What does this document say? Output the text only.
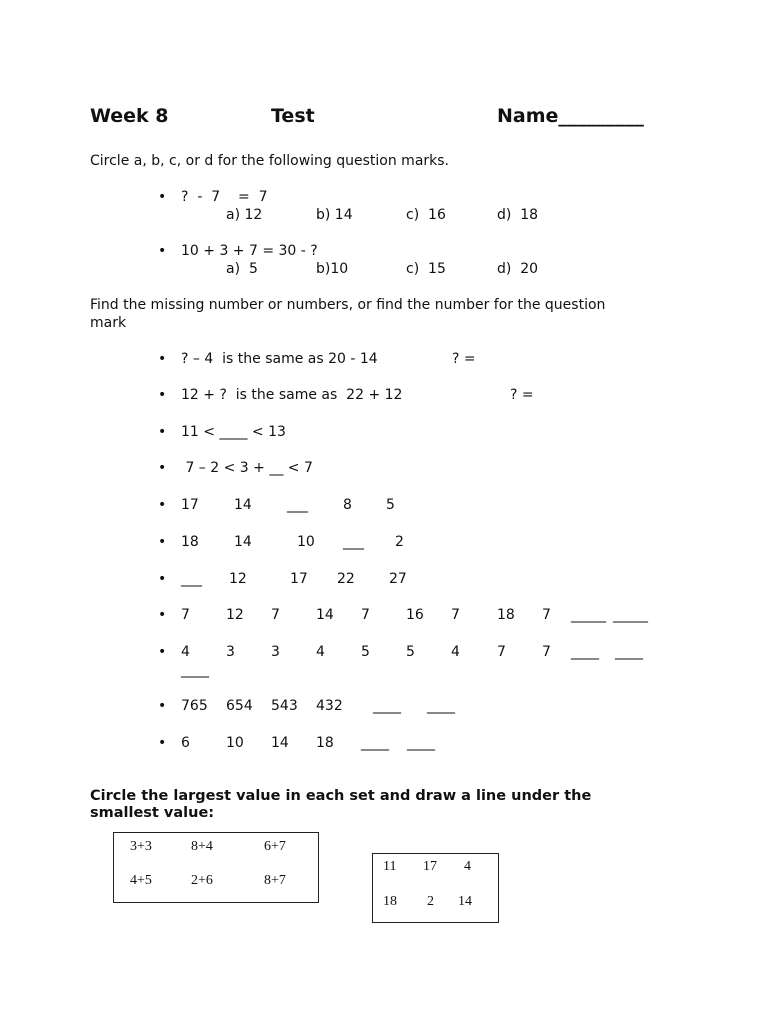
Week 8	Test	Name_________
Circle a, b, c, or d for the following question marks.
• ?  -  7    =  7
a) 12	b) 14	c)  16	d)  18
• 10 + 3 + 7 = 30 - ?
a)  5	b)10	c)  15	d)  20
Find the missing number or numbers, or find the number for the question
mark
• ? – 4  is the same as 20 - 14	? =
• 12 + ?  is the same as  22 + 12	? =
• 11 < ____ < 13
• 7 – 2 < 3 + __ < 7
• 17	14	___	8 5
• 18	14	10 ___ 2
• ___ 12	17 22 27
• 7	12 7	14 7	16 7	18 7 _____ _____
• 4	3	3	4	5	5	4	7	7 ____ ____
____
• 765 654 543 432 ____ ____
• 6	10 14 18 ____ ____
Circle the largest value in each set and draw a line under the
smallest value:
3+3	8+4	6+7
4+5	2+6	8+7
11 17 4
18 2 14
